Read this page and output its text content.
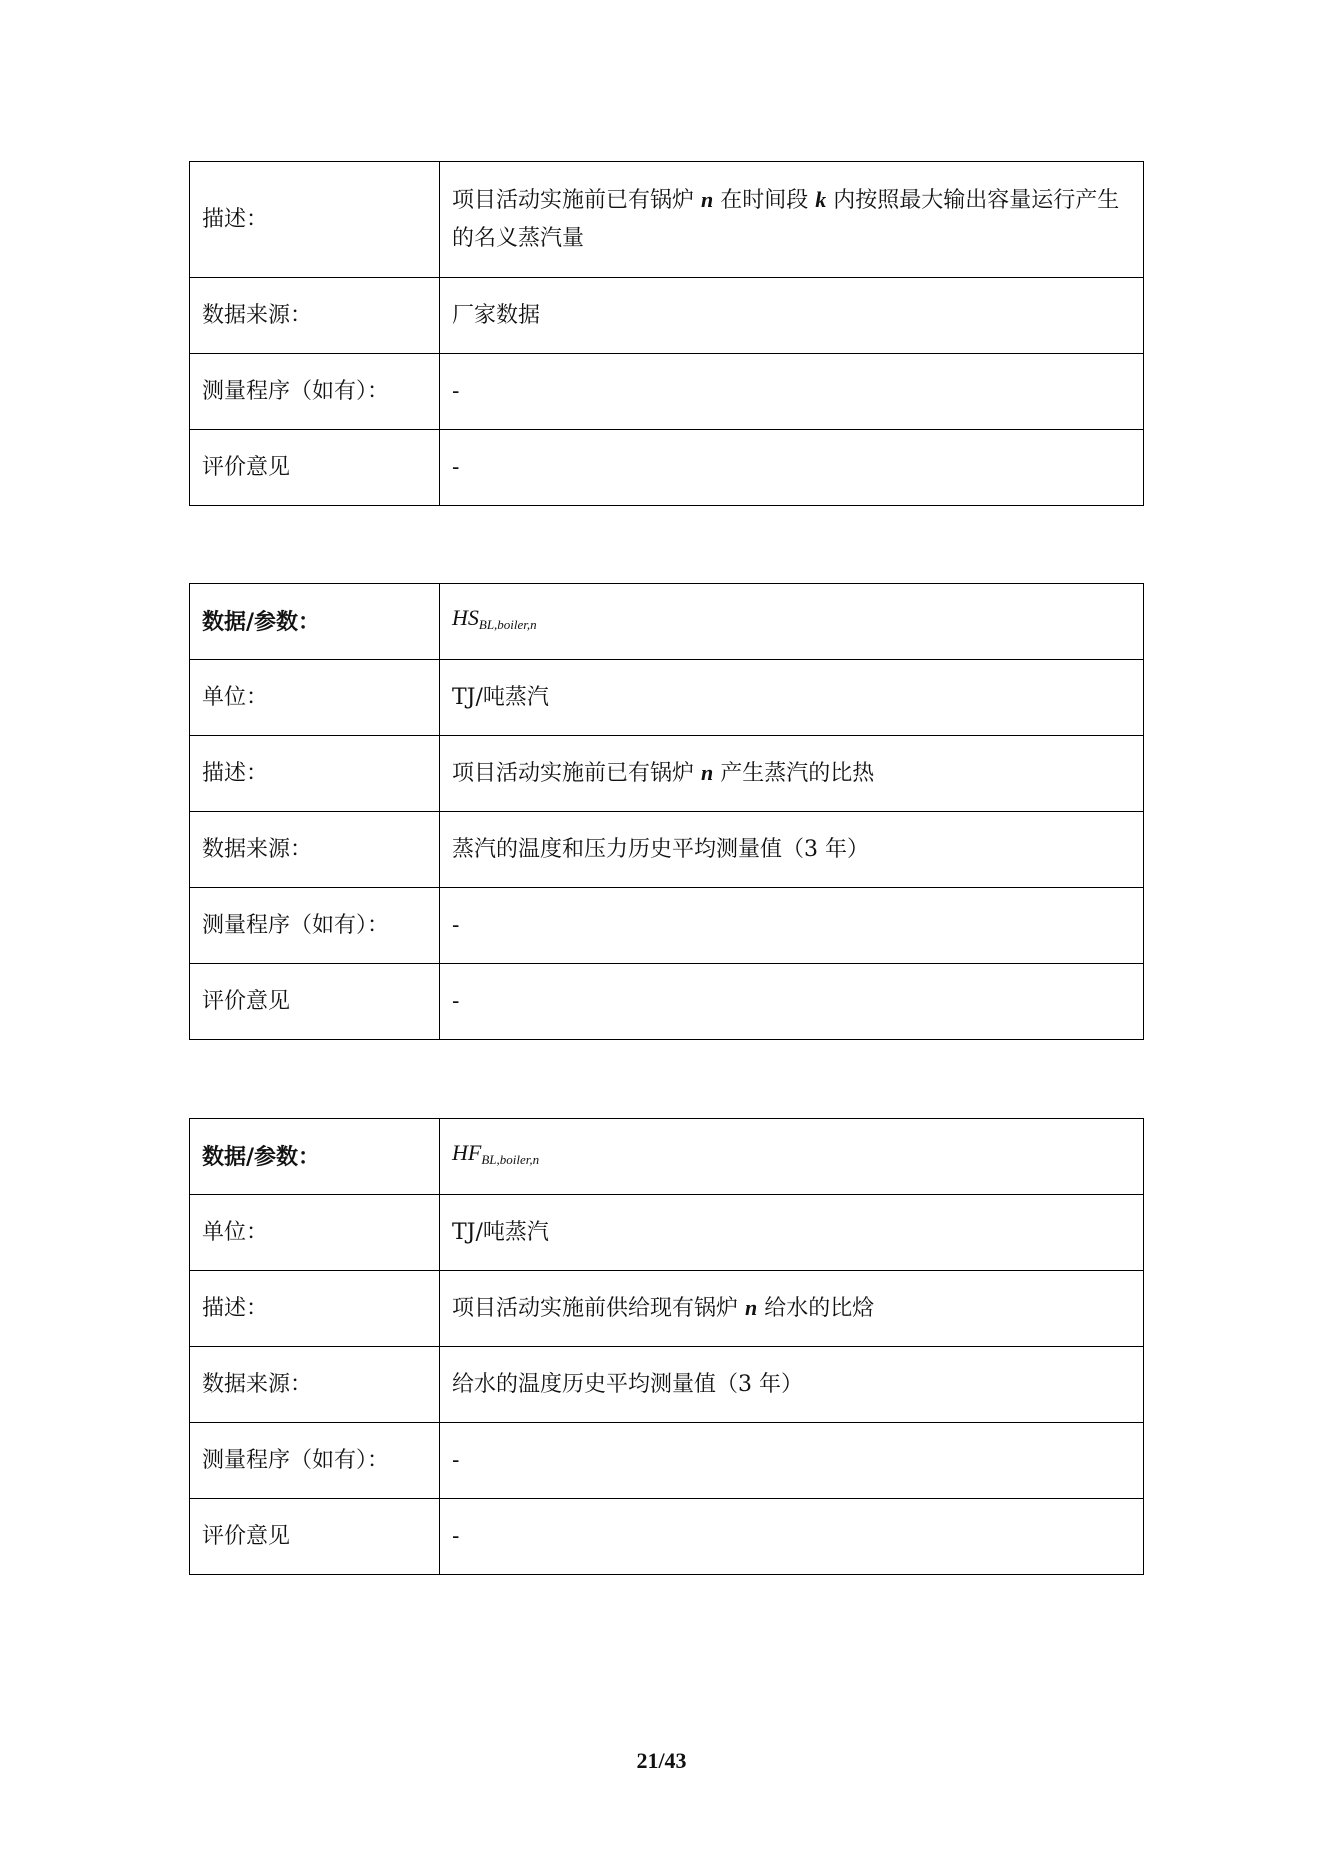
描述：	项目活动实施前已有锅炉 n 在时间段 k 内按照最大输出容量运行产生的名义蒸汽量
数据来源：	厂家数据
测量程序（如有）：	-
评价意见	-
数据/参数：	$HS_{BL,boiler,n}$
单位：	TJ/吨蒸汽
描述：	项目活动实施前已有锅炉 n 产生蒸汽的比热
数据来源：	蒸汽的温度和压力历史平均测量值（3 年）
测量程序（如有）：	-
评价意见	-
数据/参数：	$HF_{BL,boiler,n}$
单位：	TJ/吨蒸汽
描述：	项目活动实施前供给现有锅炉 n 给水的比焓
数据来源：	给水的温度历史平均测量值（3 年）
测量程序（如有）：	-
评价意见	-
21/43
